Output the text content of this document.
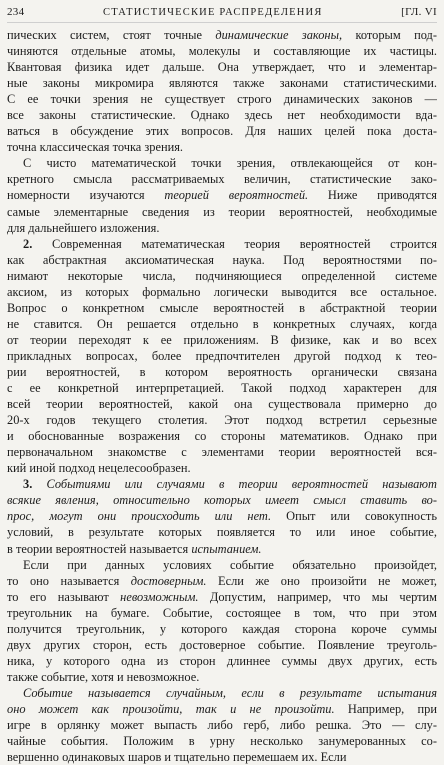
234	СТАТИСТИЧЕСКИЕ РАСПРЕДЕЛЕНИЯ	[ГЛ. VI

пических систем, стоят точные динамические законы, которым под-
чиняются отдельные атомы, молекулы и составляющие их частицы.
Квантовая физика идет дальше. Она утверждает, что и элементар-
ные законы микромира являются также законами статистическими.
С ее точки зрения не существует строго динамических законов —
все законы статистические. Однако здесь нет необходимости вда-
ваться в обсуждение этих вопросов. Для наших целей пока доста-
точна классическая точка зрения.

С чисто математической точки зрения, отвлекающейся от кон-
кретного смысла рассматриваемых величин, статистические зако-
номерности изучаются теорией вероятностей. Ниже приводятся
самые элементарные сведения из теории вероятностей, необходимые
для дальнейшего изложения.

2. Современная математическая теория вероятностей строится
как абстрактная аксиоматическая наука. Под вероятностями по-
нимают некоторые числа, подчиняющиеся определенной системе
аксиом, из которых формально логически выводится все остальное.
Вопрос о конкретном смысле вероятностей в абстрактной теории
не ставится. Он решается отдельно в конкретных случаях, когда
от теории переходят к ее приложениям. В физике, как и во всех
прикладных вопросах, более предпочтителен другой подход к тео-
рии вероятностей, в котором вероятность органически связана
с ее конкретной интерпретацией. Такой подход характерен для
всей теории вероятностей, какой она существовала примерно до
20-х годов текущего столетия. Этот подход встретил серьезные
и обоснованные возражения со стороны математиков. Однако при
первоначальном знакомстве с элементами теории вероятностей вся-
кий иной подход нецелесообразен.

3. Событиями или случаями в теории вероятностей называют
всякие явления, относительно которых имеет смысл ставить во-
прос, могут они происходить или нет. Опыт или совокупность
условий, в результате которых появляется то или иное событие,
в теории вероятностей называется испытанием.

Если при данных условиях событие обязательно произойдет,
то оно называется достоверным. Если же оно произойти не может,
то его называют невозможным. Допустим, например, что мы чертим
треугольник на бумаге. Событие, состоящее в том, что при этом
получится треугольник, у которого каждая сторона короче суммы
двух других сторон, есть достоверное событие. Появление треуголь-
ника, у которого одна из сторон длиннее суммы двух других, есть
также событие, хотя и невозможное.

Событие называется случайным, если в результате испытания
оно может как произойти, так и не произойти. Например, при
игре в орлянку может выпасть либо герб, либо решка. Это — слу-
чайные события. Положим в урну несколько занумерованных со-
вершенно одинаковых шаров и тщательно перемешаем их. Если
